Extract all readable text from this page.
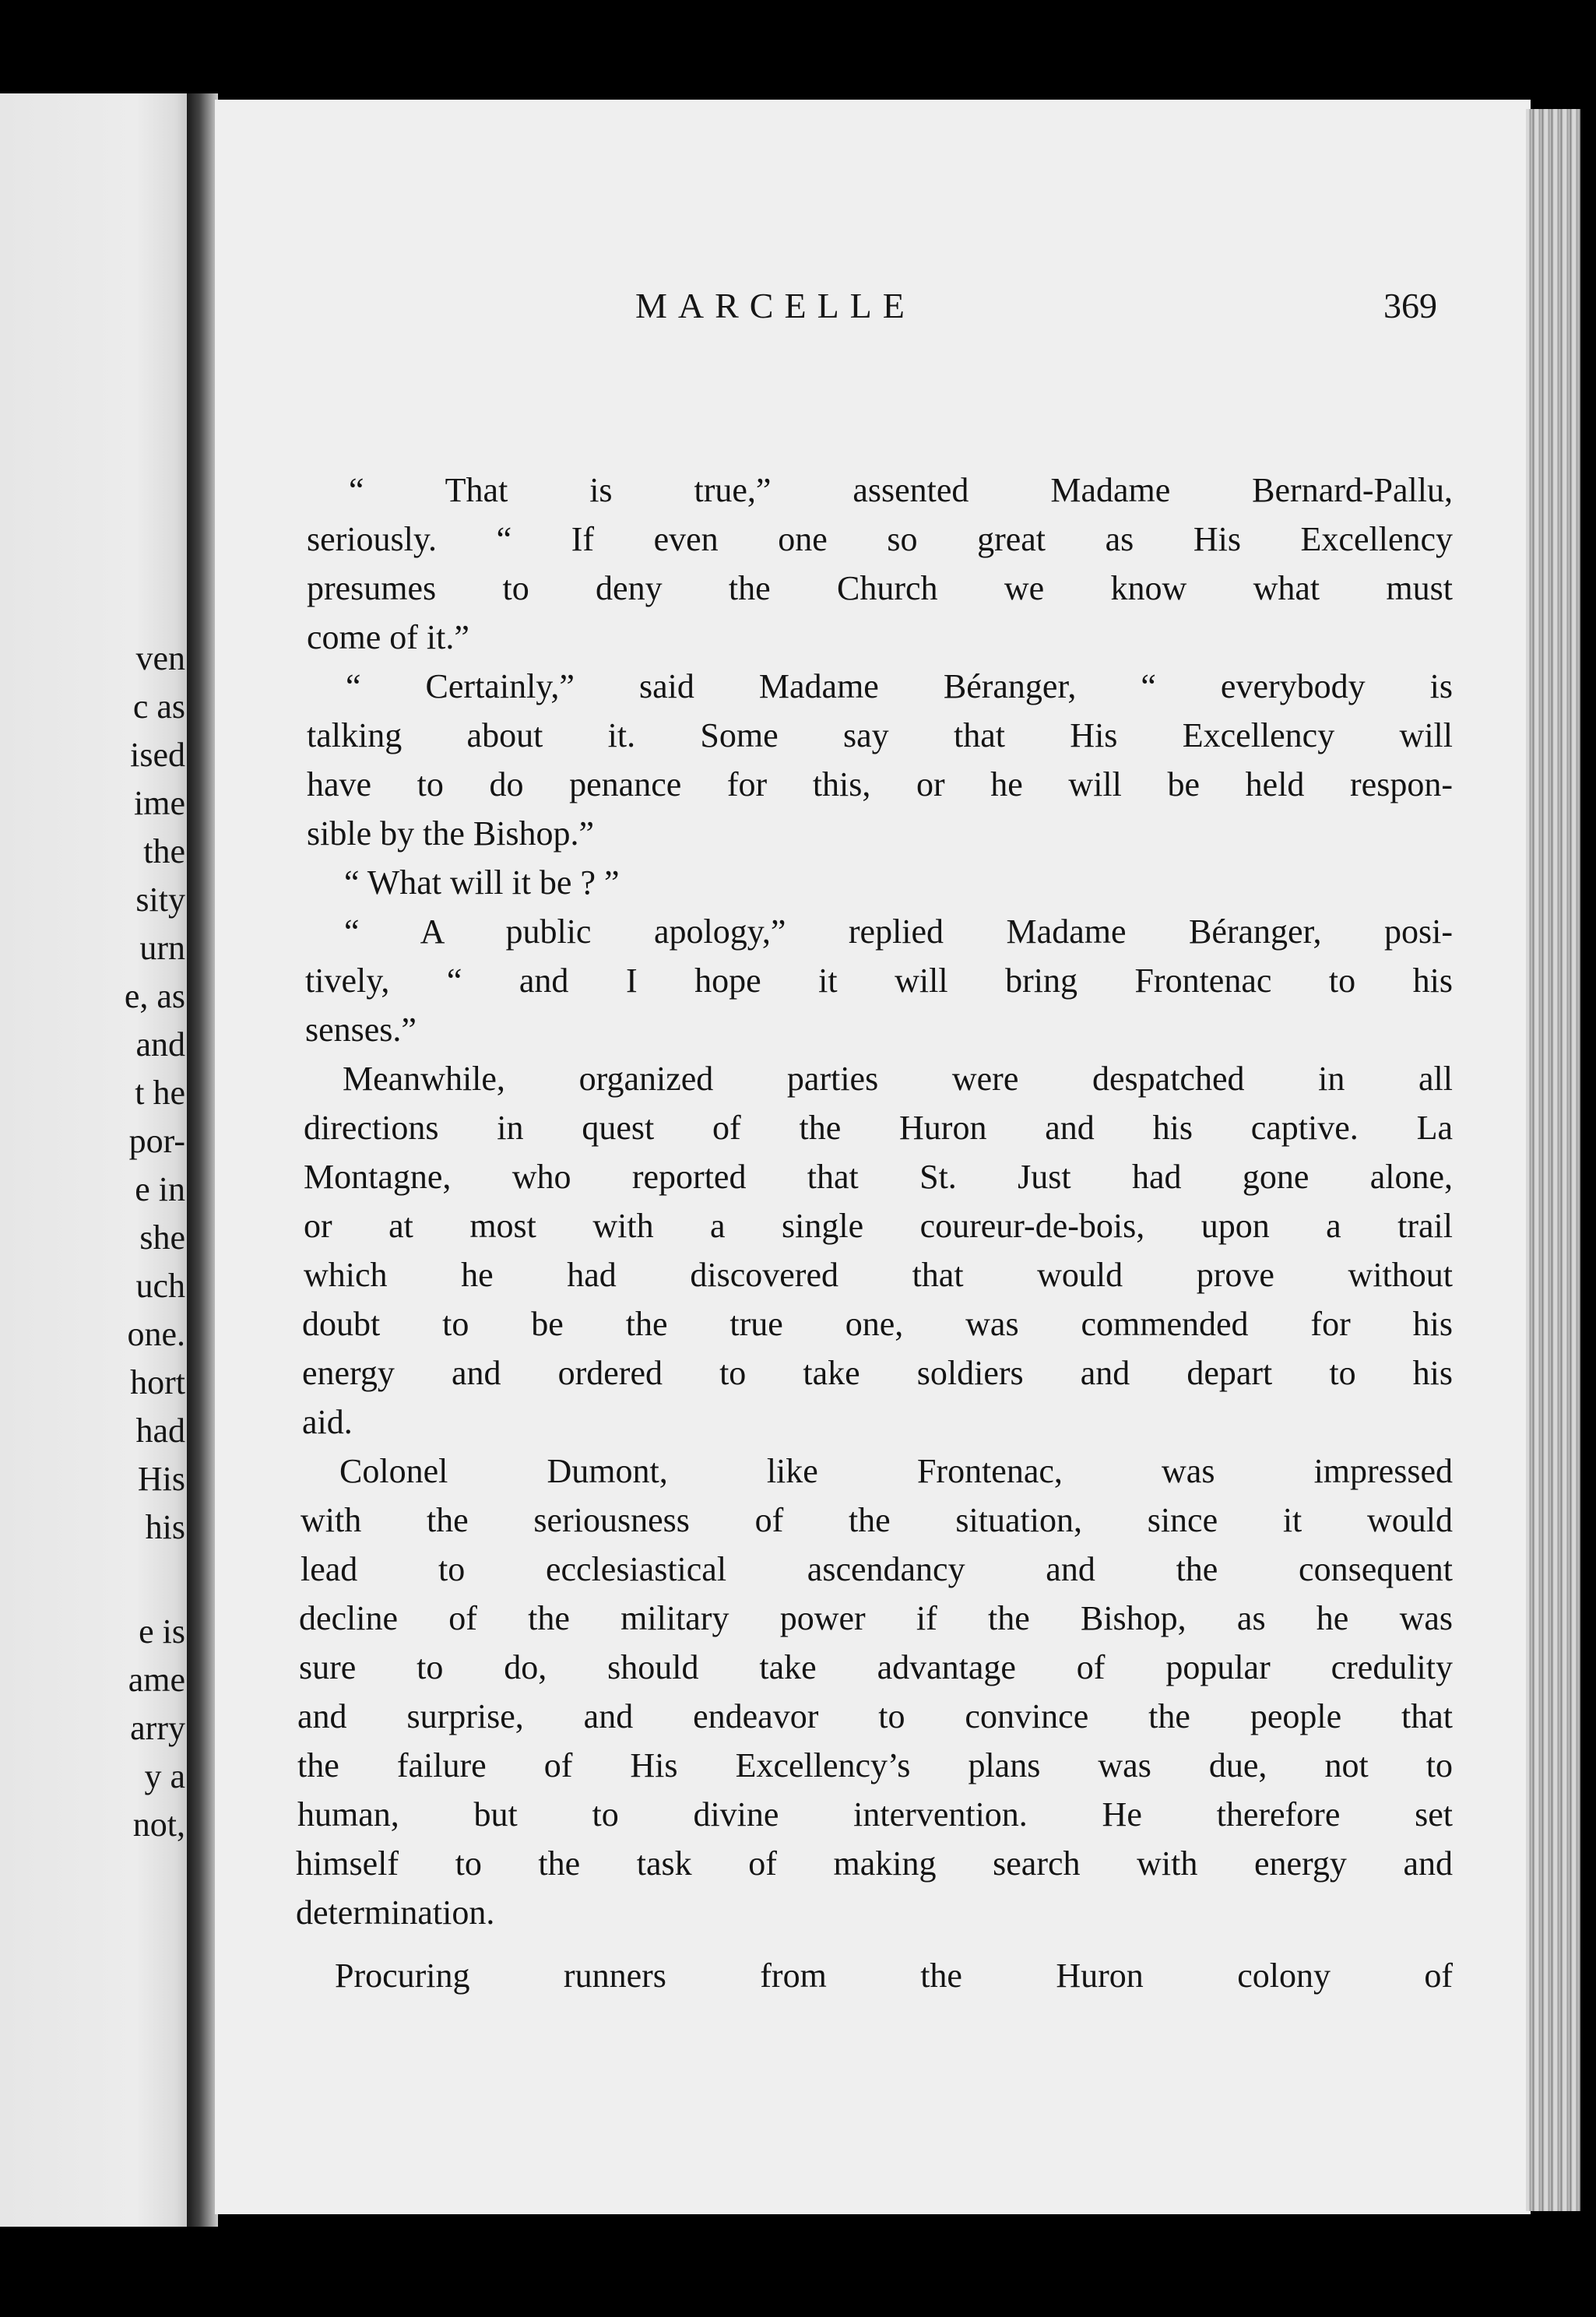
ven
c as
ised
ime
the
sity
urn
e, as
and
t he
por-
e in
she
uch
one.
hort
had
His
his
e is
ame
arry
y a
not,
MARCELLE	369
“ That is true,” assented Madame Bernard-Pallu,
seriously. “ If even one so great as His Excellency
presumes to deny the Church we know what must
come of it.”
“ Certainly,” said Madame Béranger, “ everybody is
talking about it. Some say that His Excellency will
have to do penance for this, or he will be held respon-
sible by the Bishop.”
“ What will it be ? ”
“ A public apology,” replied Madame Béranger, posi-
tively, “ and I hope it will bring Frontenac to his
senses.”
Meanwhile, organized parties were despatched in all
directions in quest of the Huron and his captive. La
Montagne, who reported that St. Just had gone alone,
or at most with a single coureur-de-bois, upon a trail
which he had discovered that would prove without
doubt to be the true one, was commended for his
energy and ordered to take soldiers and depart to his
aid.
Colonel Dumont, like Frontenac, was impressed
with the seriousness of the situation, since it would
lead to ecclesiastical ascendancy and the consequent
decline of the military power if the Bishop, as he was
sure to do, should take advantage of popular credulity
and surprise, and endeavor to convince the people that
the failure of His Excellency’s plans was due, not to
human, but to divine intervention. He therefore set
himself to the task of making search with energy and
determination.
Procuring runners from the Huron colony of
